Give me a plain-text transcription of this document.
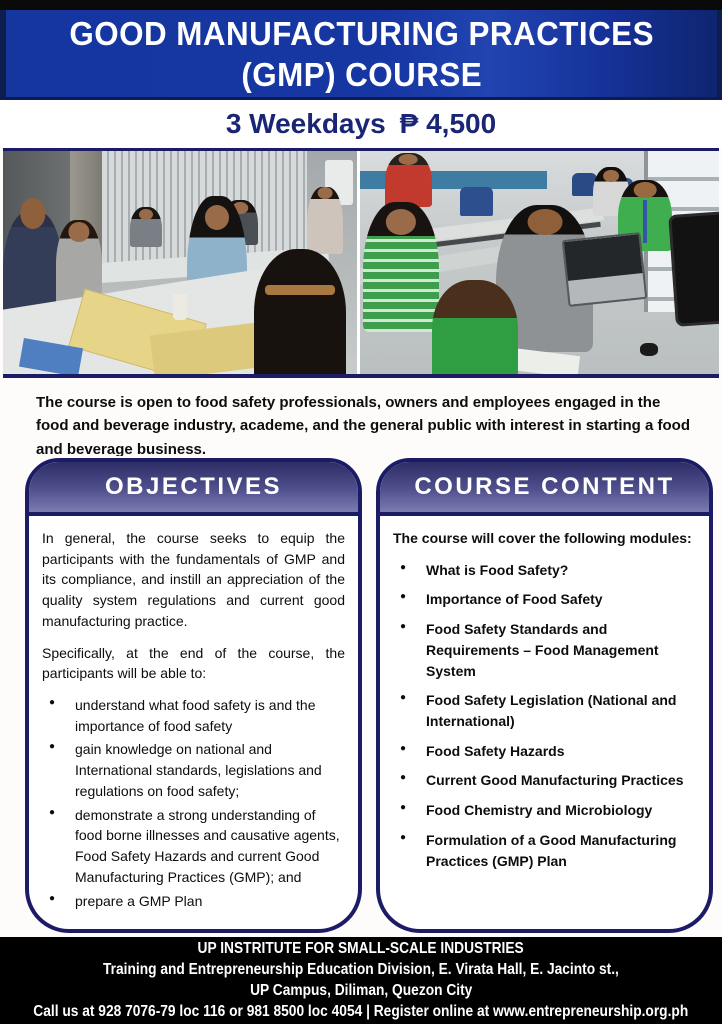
GOOD MANUFACTURING PRACTICES
(GMP) COURSE
3 Weekdays ₱ 4,500

The course is open to food safety professionals, owners and employees engaged in the food and beverage industry, academe, and the general public with interest in starting a food and beverage business.

OBJECTIVES

In general, the course seeks to equip the participants with the fundamentals of GMP and its compliance, and instill an appreciation of the quality system regulations and current good manufacturing practice.

Specifically, at the end of the course, the participants will be able to:

● understand what food safety is and the importance of food safety
● gain knowledge on national and International standards, legislations and regulations on food safety;
● demonstrate a strong understanding of food borne illnesses and causative agents, Food Safety Hazards and current Good Manufacturing Practices (GMP); and
● prepare a GMP Plan
COURSE CONTENT

The course will cover the following modules:

● What is Food Safety?
● Importance of Food Safety
● Food Safety Standards and Requirements – Food Management System
● Food Safety Legislation (National and International)
● Food Safety Hazards
● Current Good Manufacturing Practices
● Food Chemistry and Microbiology
● Formulation of a Good Manufacturing Practices (GMP) Plan
UP INSTRITUTE FOR SMALL-SCALE INDUSTRIES
Training and Entrepreneurship Education Division, E. Virata Hall, E. Jacinto st.,
UP Campus, Diliman, Quezon City
Call us at 928 7076-79 loc 116 or 981 8500 loc 4054 | Register online at www.entrepreneurship.org.ph
